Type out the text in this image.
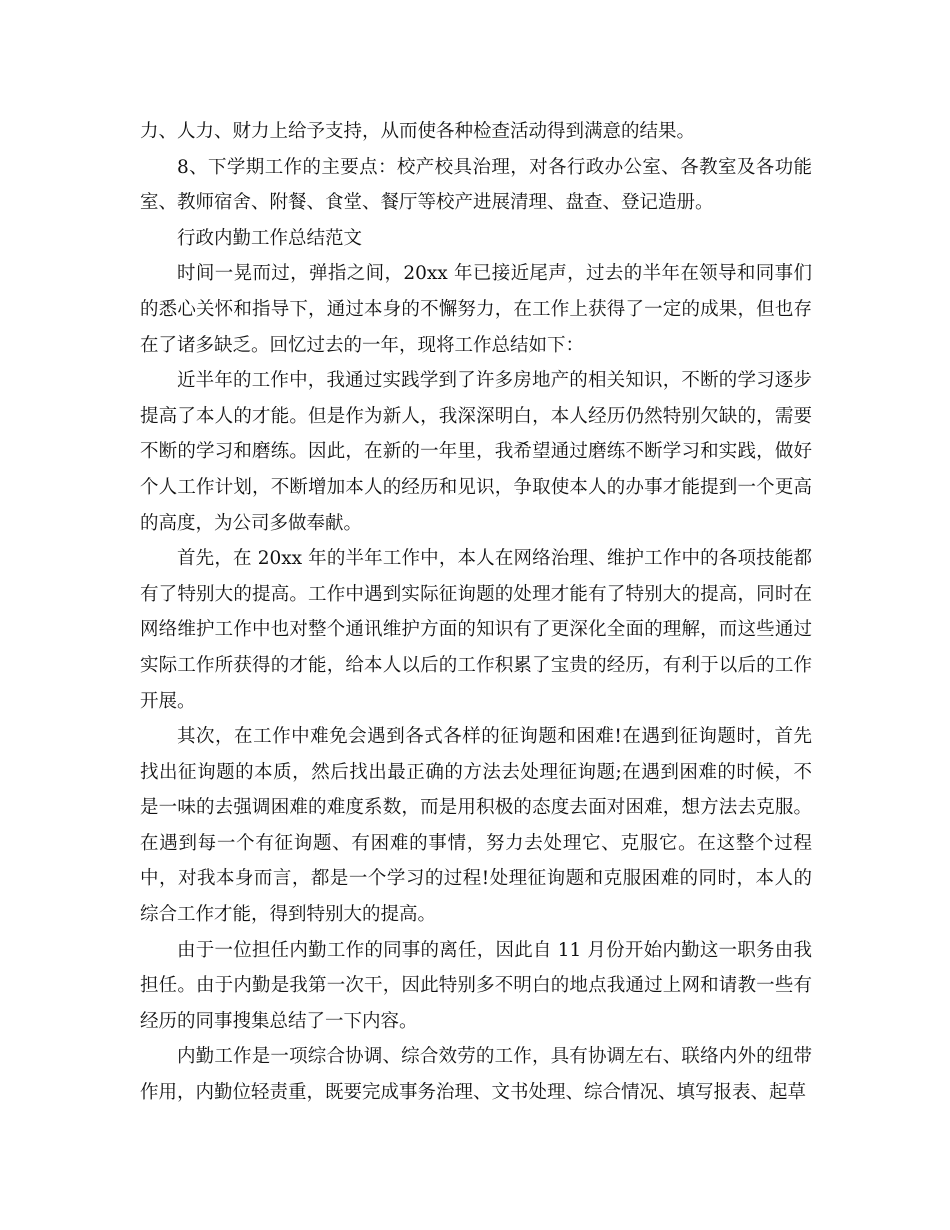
力、人力、财力上给予支持，从而使各种检查活动得到满意的结果。

8、下学期工作的主要点：校产校具治理，对各行政办公室、各教室及各功能室、教师宿舍、附餐、食堂、餐厅等校产进展清理、盘查、登记造册。

行政内勤工作总结范文

时间一晃而过，弹指之间，20xx 年已接近尾声，过去的半年在领导和同事们的悉心关怀和指导下，通过本身的不懈努力，在工作上获得了一定的成果，但也存在了诸多缺乏。回忆过去的一年，现将工作总结如下：

近半年的工作中，我通过实践学到了许多房地产的相关知识，不断的学习逐步提高了本人的才能。但是作为新人，我深深明白，本人经历仍然特别欠缺的，需要不断的学习和磨练。因此，在新的一年里，我希望通过磨练不断学习和实践，做好个人工作计划，不断增加本人的经历和见识，争取使本人的办事才能提到一个更高的高度，为公司多做奉献。

首先，在 20xx 年的半年工作中，本人在网络治理、维护工作中的各项技能都有了特别大的提高。工作中遇到实际征询题的处理才能有了特别大的提高，同时在网络维护工作中也对整个通讯维护方面的知识有了更深化全面的理解，而这些通过实际工作所获得的才能，给本人以后的工作积累了宝贵的经历，有利于以后的工作开展。

其次，在工作中难免会遇到各式各样的征询题和困难!在遇到征询题时，首先找出征询题的本质，然后找出最正确的方法去处理征询题;在遇到困难的时候，不是一味的去强调困难的难度系数，而是用积极的态度去面对困难，想方法去克服。在遇到每一个有征询题、有困难的事情，努力去处理它、克服它。在这整个过程中，对我本身而言，都是一个学习的过程!处理征询题和克服困难的同时，本人的综合工作才能，得到特别大的提高。

由于一位担任内勤工作的同事的离任，因此自 11 月份开始内勤这一职务由我担任。由于内勤是我第一次干，因此特别多不明白的地点我通过上网和请教一些有经历的同事搜集总结了一下内容。

内勤工作是一项综合协调、综合效劳的工作，具有协调左右、联络内外的纽带作用，内勤位轻责重，既要完成事务治理、文书处理、综合情况、填写报表、起草
